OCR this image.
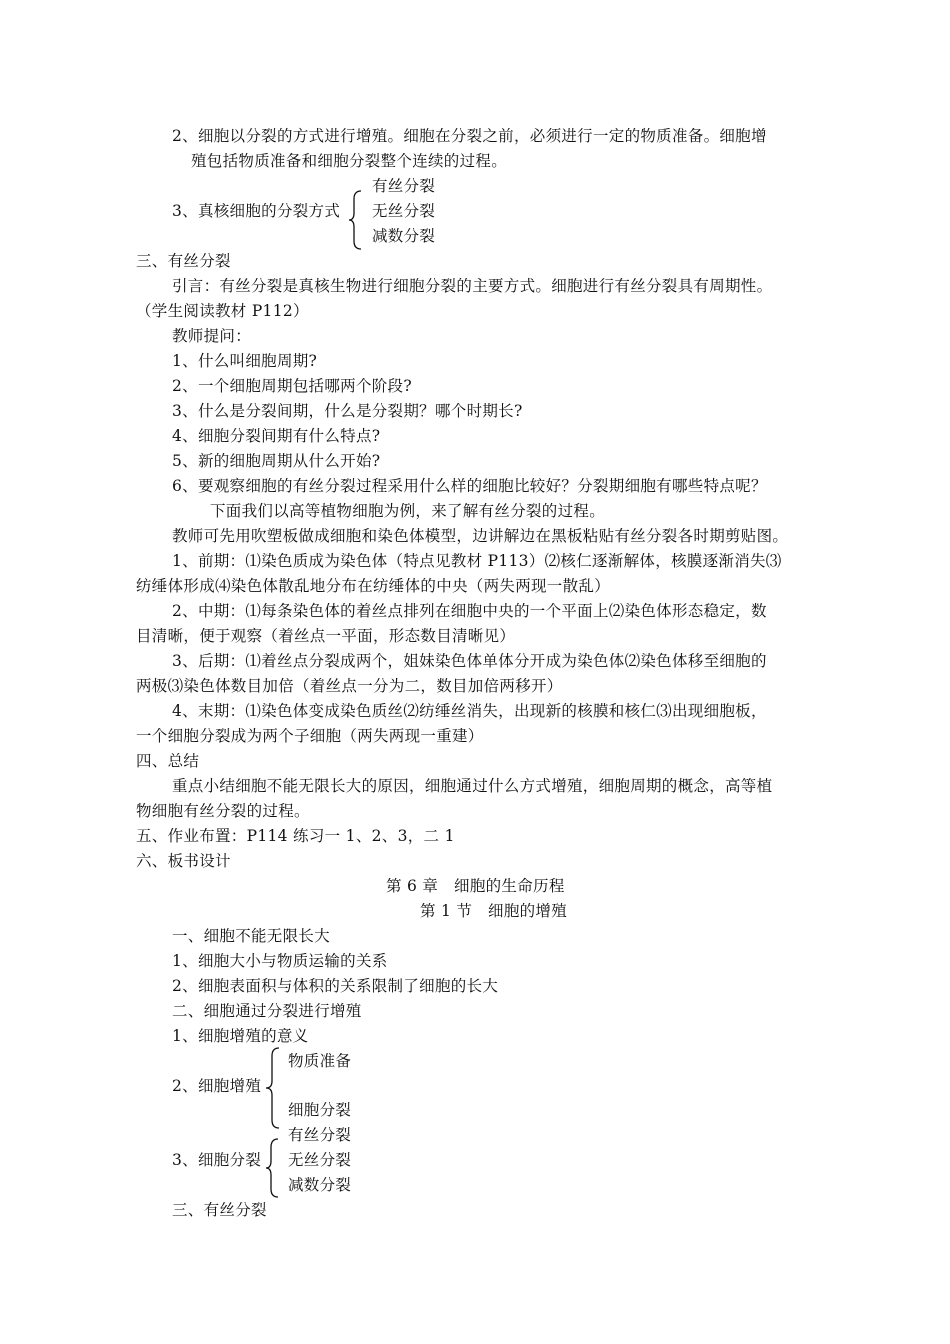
2、细胞以分裂的方式进行增殖。细胞在分裂之前，必须进行一定的物质准备。细胞增
殖包括物质准备和细胞分裂整个连续的过程。
3、真核细胞的分裂方式
有丝分裂
无丝分裂
减数分裂
三、有丝分裂
引言：有丝分裂是真核生物进行细胞分裂的主要方式。细胞进行有丝分裂具有周期性。
（学生阅读教材 P112）
教师提问：
1、什么叫细胞周期?
2、一个细胞周期包括哪两个阶段?
3、什么是分裂间期，什么是分裂期？哪个时期长?
4、细胞分裂间期有什么特点?
5、新的细胞周期从什么开始?
6、要观察细胞的有丝分裂过程采用什么样的细胞比较好？分裂期细胞有哪些特点呢？
下面我们以高等植物细胞为例，来了解有丝分裂的过程。
教师可先用吹塑板做成细胞和染色体模型，边讲解边在黑板粘贴有丝分裂各时期剪贴图。
1、前期：⑴染色质成为染色体（特点见教材 P113）⑵核仁逐渐解体，核膜逐渐消失⑶
纺缍体形成⑷染色体散乱地分布在纺缍体的中央（两失两现一散乱）
2、中期：⑴每条染色体的着丝点排列在细胞中央的一个平面上⑵染色体形态稳定，数
目清晰，便于观察（着丝点一平面，形态数目清晰见）
3、后期：⑴着丝点分裂成两个，姐妹染色体单体分开成为染色体⑵染色体移至细胞的
两极⑶染色体数目加倍（着丝点一分为二，数目加倍两移开）
4、末期：⑴染色体变成染色质丝⑵纺缍丝消失，出现新的核膜和核仁⑶出现细胞板，
一个细胞分裂成为两个子细胞（两失两现一重建）
四、总结
重点小结细胞不能无限长大的原因，细胞通过什么方式增殖，细胞周期的概念，高等植
物细胞有丝分裂的过程。
五、作业布置：P114 练习一 1、2、3，二 1
六、板书设计
第 6 章　细胞的生命历程
第 1 节　细胞的增殖
一、细胞不能无限长大
1、细胞大小与物质运输的关系
2、细胞表面积与体积的关系限制了细胞的长大
二、细胞通过分裂进行增殖
1、细胞增殖的意义
2、细胞增殖
物质准备
细胞分裂
3、细胞分裂
有丝分裂
无丝分裂
减数分裂
三、有丝分裂
